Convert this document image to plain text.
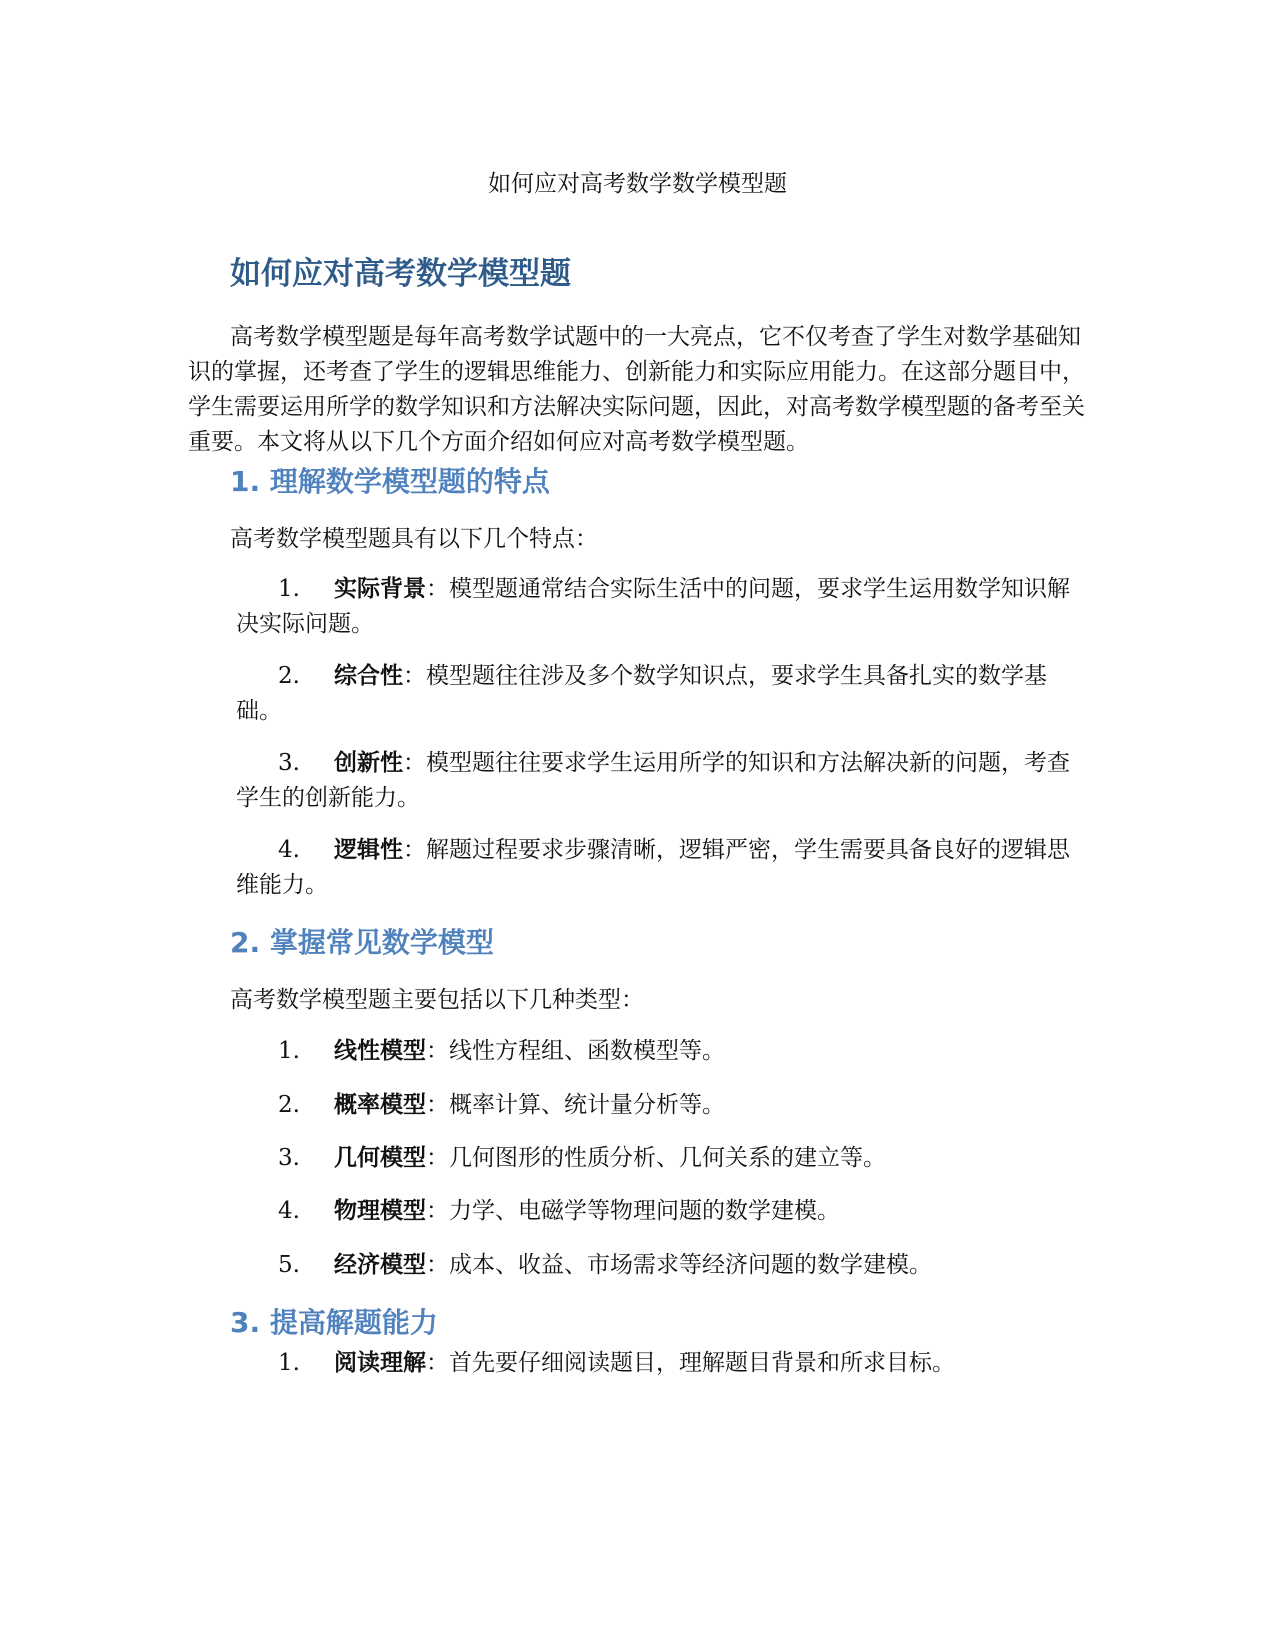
如何应对高考数学数学模型题
如何应对高考数学模型题

高考数学模型题是每年高考数学试题中的一大亮点，它不仅考查了学生对数学基础知识的掌握，还考查了学生的逻辑思维能力、创新能力和实际应用能力。在这部分题目中，学生需要运用所学的数学知识和方法解决实际问题，因此，对高考数学模型题的备考至关重要。本文将从以下几个方面介绍如何应对高考数学模型题。

1. 理解数学模型题的特点

高考数学模型题具有以下几个特点：

1. 实际背景：模型题通常结合实际生活中的问题，要求学生运用数学知识解决实际问题。

2. 综合性：模型题往往涉及多个数学知识点，要求学生具备扎实的数学基础。

3. 创新性：模型题往往要求学生运用所学的知识和方法解决新的问题，考查学生的创新能力。

4. 逻辑性：解题过程要求步骤清晰，逻辑严密，学生需要具备良好的逻辑思维能力。

2. 掌握常见数学模型

高考数学模型题主要包括以下几种类型：

1. 线性模型：线性方程组、函数模型等。

2. 概率模型：概率计算、统计量分析等。

3. 几何模型：几何图形的性质分析、几何关系的建立等。

4. 物理模型：力学、电磁学等物理问题的数学建模。

5. 经济模型：成本、收益、市场需求等经济问题的数学建模。

3. 提高解题能力

1. 阅读理解：首先要仔细阅读题目，理解题目背景和所求目标。
